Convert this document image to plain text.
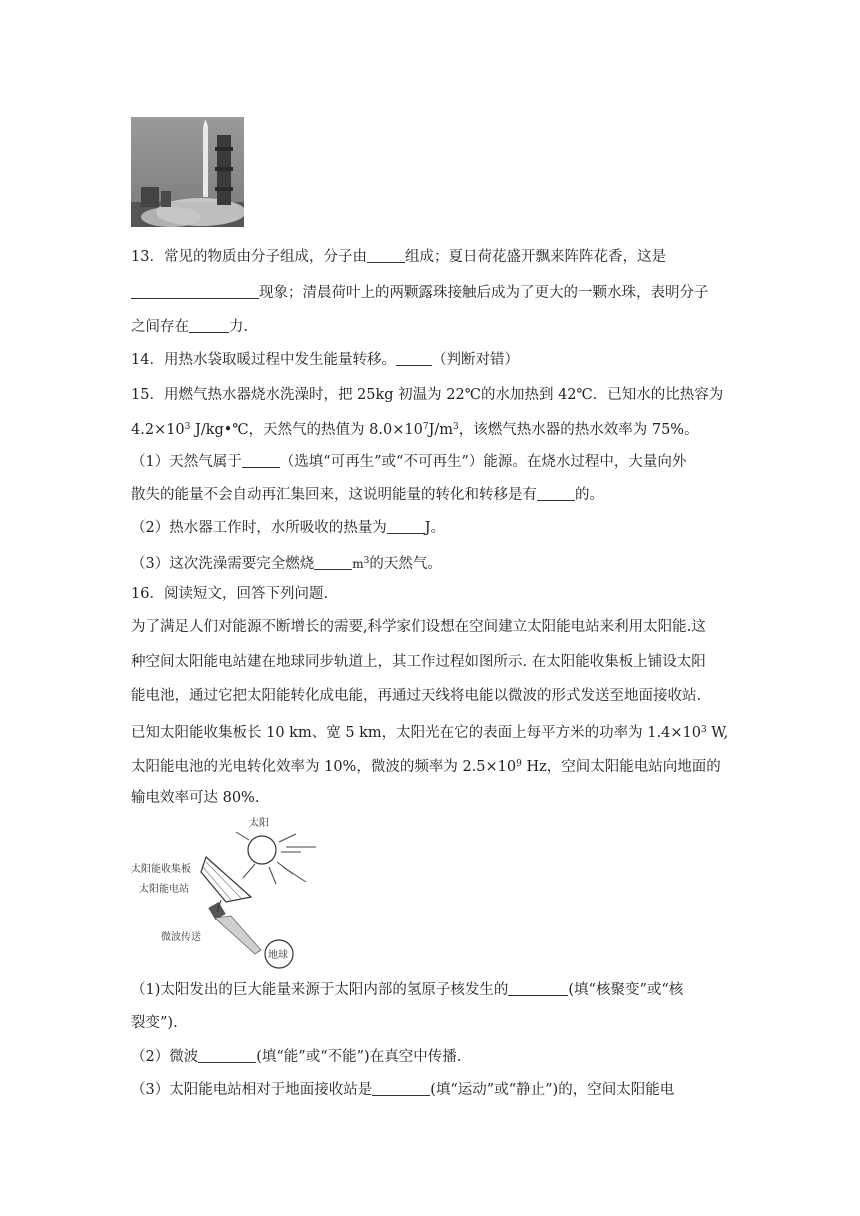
13．常见的物质由分子组成，分子由	组成；夏日荷花盛开飘来阵阵花香，这是
现象；清晨荷叶上的两颗露珠接触后成为了更大的一颗水珠，表明分子
之间存在	力.
14．用热水袋取暖过程中发生能量转移。 （判断对错）
15．用燃气热水器烧水洗澡时，把 25kg 初温为 22℃的水加热到 42℃．已知水的比热容为
$4.2\times 10^3$ J/kg•℃，天然气的热值为 $8.0\times 10^7J/m^3$，该燃气热水器的热水效率为 75%。
（1）天然气属于	（选填“可再生”或“不可再生”）能源。在烧水过程中，大量向外
散失的能量不会自动再汇集回来，这说明能量的转化和转移是有	的。
（2）热水器工作时，水所吸收的热量为	J。
（3）这次洗澡需要完全燃烧	$m^3$的天然气。
16．阅读短文，回答下列问题.
为了满足人们对能源不断增长的需要,科学家们设想在空间建立太阳能电站来利用太阳能.这
种空间太阳能电站建在地球同步轨道上，其工作过程如图所示. 在太阳能收集板上铺设太阳
能电池，通过它把太阳能转化成电能，再通过天线将电能以微波的形式发送至地面接收站.
已知太阳能收集板长 10 km、宽 5 km，太阳光在它的表面上每平方米的功率为 $1.4\times 10^3$ W,
太阳能电池的光电转化效率为 10%，微波的频率为 $2.5\times 10^9$ Hz，空间太阳能电站向地面的
输电效率可达 80%.
太阳
太阳能收集板
太阳能电站
微波传送
地球
（1)太阳发出的巨大能量来源于太阳内部的氢原子核发生的	(填“核聚变”或“核
裂变”).
（2）微波	(填“能”或“不能”)在真空中传播.
（3）太阳能电站相对于地面接收站是	(填“运动”或“静止”)的，空间太阳能电
